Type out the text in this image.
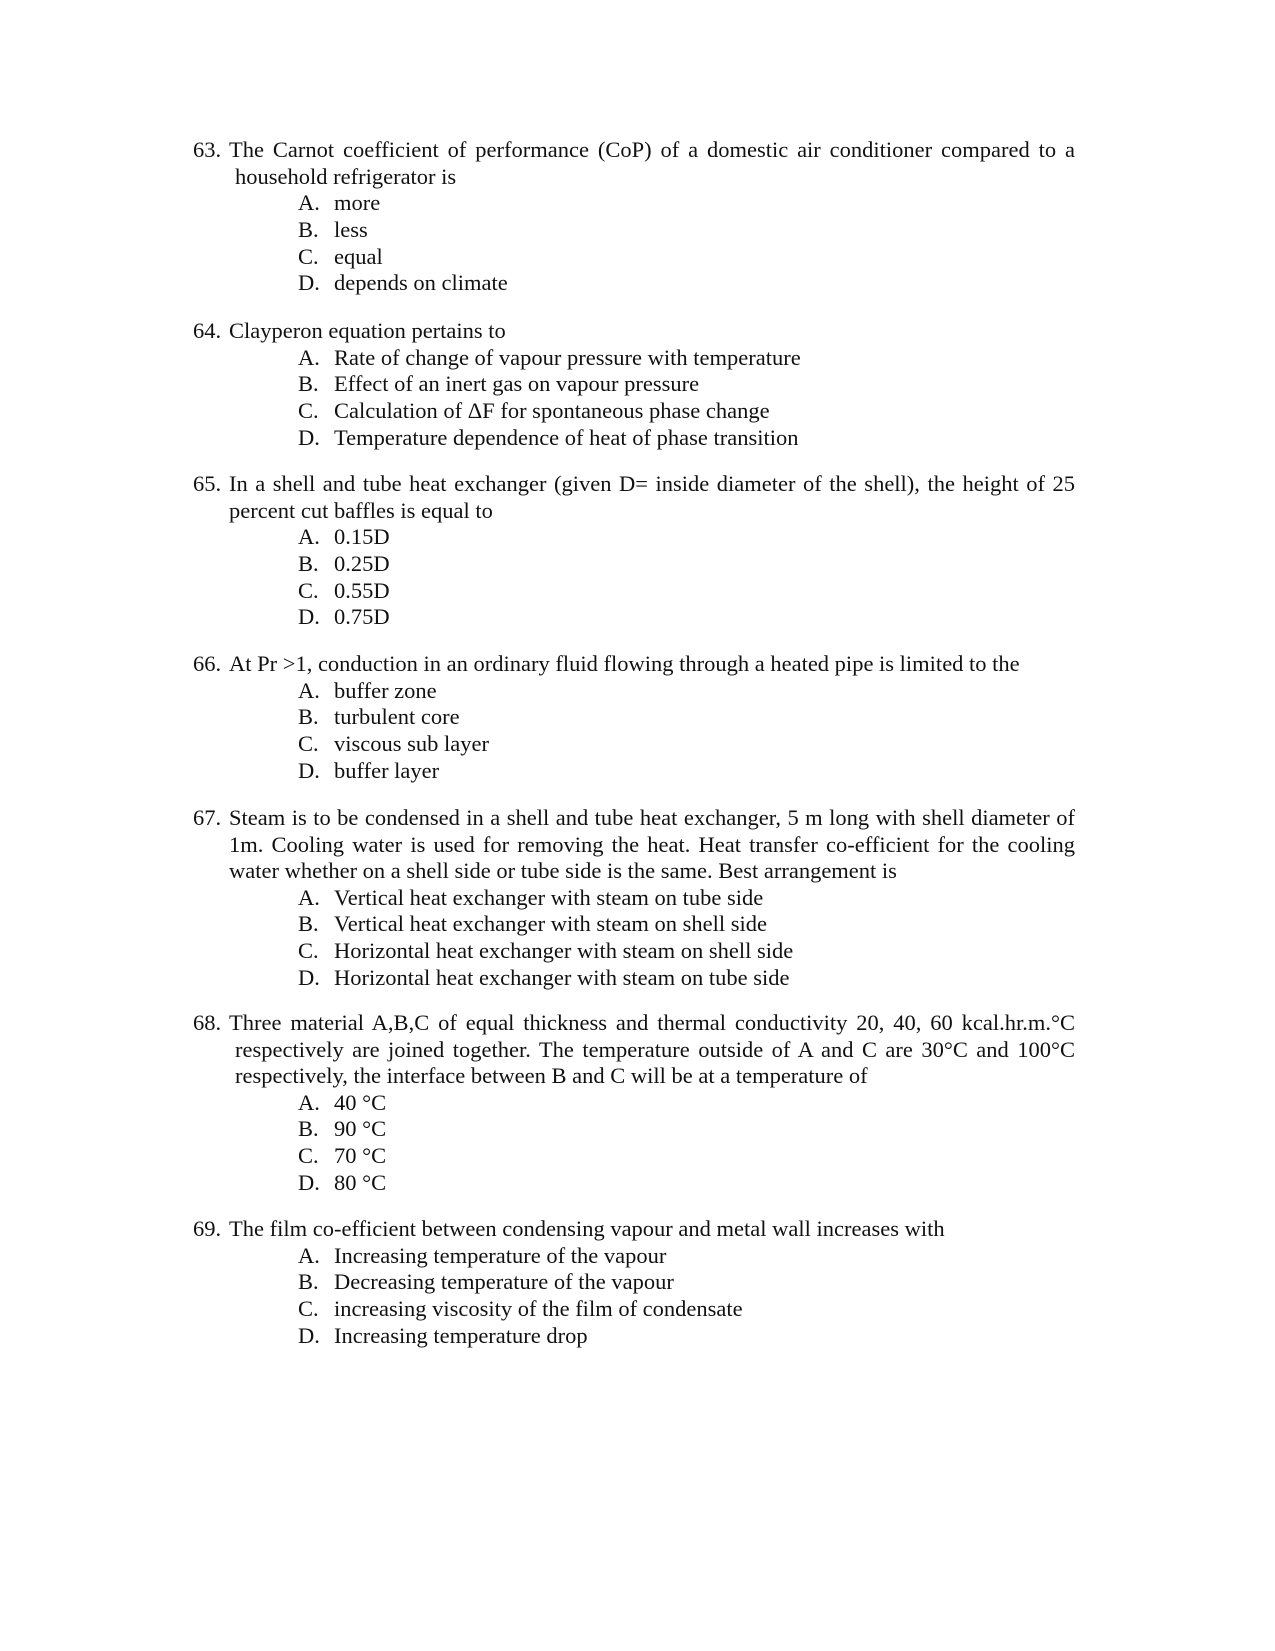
63. The Carnot coefficient of performance (CoP) of a domestic air conditioner compared to a household refrigerator is
A. more
B. less
C. equal
D. depends on climate
64. Clayperon equation pertains to
A. Rate of change of vapour pressure with temperature
B. Effect of an inert gas on vapour pressure
C. Calculation of ΔF for spontaneous phase change
D. Temperature dependence of heat of phase transition
65. In a shell and tube heat exchanger (given D= inside diameter of the shell), the height of 25 percent cut baffles is equal to
A. 0.15D
B. 0.25D
C. 0.55D
D. 0.75D
66. At Pr >1, conduction in an ordinary fluid flowing through a heated pipe is limited to the
A. buffer zone
B. turbulent core
C. viscous sub layer
D. buffer layer
67. Steam is to be condensed in a shell and tube heat exchanger, 5 m long with shell diameter of 1m. Cooling water is used for removing the heat. Heat transfer co-efficient for the cooling water whether on a shell side or tube side is the same. Best arrangement is
A. Vertical heat exchanger with steam on tube side
B. Vertical heat exchanger with steam on shell side
C. Horizontal heat exchanger with steam on shell side
D. Horizontal heat exchanger with steam on tube side
68. Three material A,B,C of equal thickness and thermal conductivity 20, 40, 60 kcal.hr.m.°C respectively are joined together. The temperature outside of A and C are 30°C and 100°C respectively, the interface between B and C will be at a temperature of
A. 40 °C
B. 90 °C
C. 70 °C
D. 80 °C
69. The film co-efficient between condensing vapour and metal wall increases with
A. Increasing temperature of the vapour
B. Decreasing temperature of the vapour
C. increasing viscosity of the film of condensate
D. Increasing temperature drop
